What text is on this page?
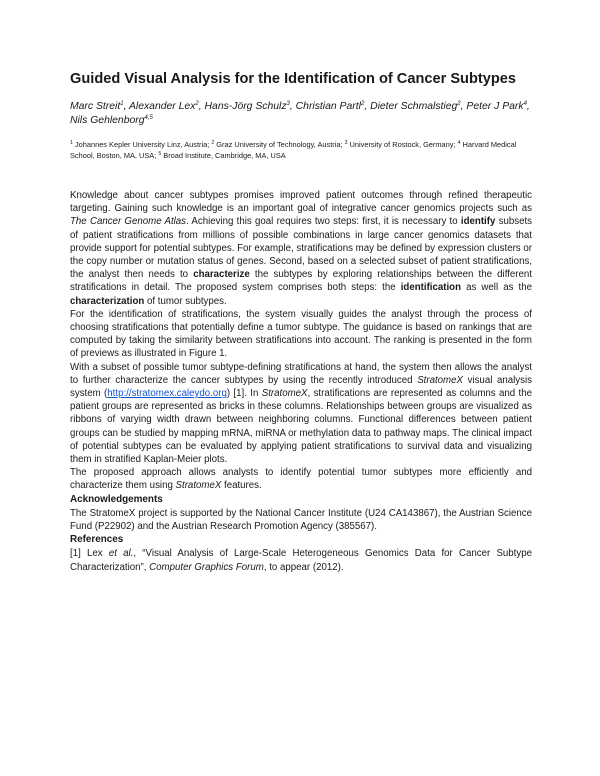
Guided Visual Analysis for the Identification of Cancer Subtypes

Marc Streit$^1$, Alexander Lex$^2$, Hans-Jörg Schulz$^3$, Christian Partl$^2$, Dieter Schmalstieg$^2$, Peter J Park$^4$, Nils Gehlenborg$^{4,5}$

$^1$ Johannes Kepler University Linz, Austria; $^2$ Graz University of Technology, Austria; $^3$ University of Rostock, Germany; $^4$ Harvard Medical School, Boston, MA, USA; $^5$ Broad Institute, Cambridge, MA, USA

Knowledge about cancer subtypes promises improved patient outcomes through refined therapeutic targeting. Gaining such knowledge is an important goal of integrative cancer genomics projects such as The Cancer Genome Atlas. Achieving this goal requires two steps: first, it is necessary to identify subsets of patient stratifications from millions of possible combinations in large cancer genomics datasets that provide support for potential subtypes. For example, stratifications may be defined by expression clusters or the copy number or mutation status of genes. Second, based on a selected subset of patient stratifications, the analyst then needs to characterize the subtypes by exploring relationships between the different stratifications in detail. The proposed system comprises both steps: the identification as well as the characterization of tumor subtypes.

For the identification of stratifications, the system visually guides the analyst through the process of choosing stratifications that potentially define a tumor subtype. The guidance is based on rankings that are computed by taking the similarity between stratifications into account. The ranking is presented in the form of previews as illustrated in Figure 1.

With a subset of possible tumor subtype-defining stratifications at hand, the system then allows the analyst to further characterize the cancer subtypes by using the recently introduced StratomeX visual analysis system (http://stratomex.caleydo.org) [1]. In StratomeX, stratifications are represented as columns and the patient groups are represented as bricks in these columns. Relationships between groups are visualized as ribbons of varying width drawn between neighboring columns. Functional differences between patient groups can be studied by mapping mRNA, miRNA or methylation data to pathway maps. The clinical impact of potential subtypes can be evaluated by applying patient stratifications to survival data and visualizing them in stratified Kaplan-Meier plots.

The proposed approach allows analysts to identify potential tumor subtypes more efficiently and characterize them using StratomeX features.

Acknowledgements

The StratomeX project is supported by the National Cancer Institute (U24 CA143867), the Austrian Science Fund (P22902) and the Austrian Research Promotion Agency (385567).

References

[1] Lex et al., “Visual Analysis of Large-Scale Heterogeneous Genomics Data for Cancer Subtype Characterization”, Computer Graphics Forum, to appear (2012).
